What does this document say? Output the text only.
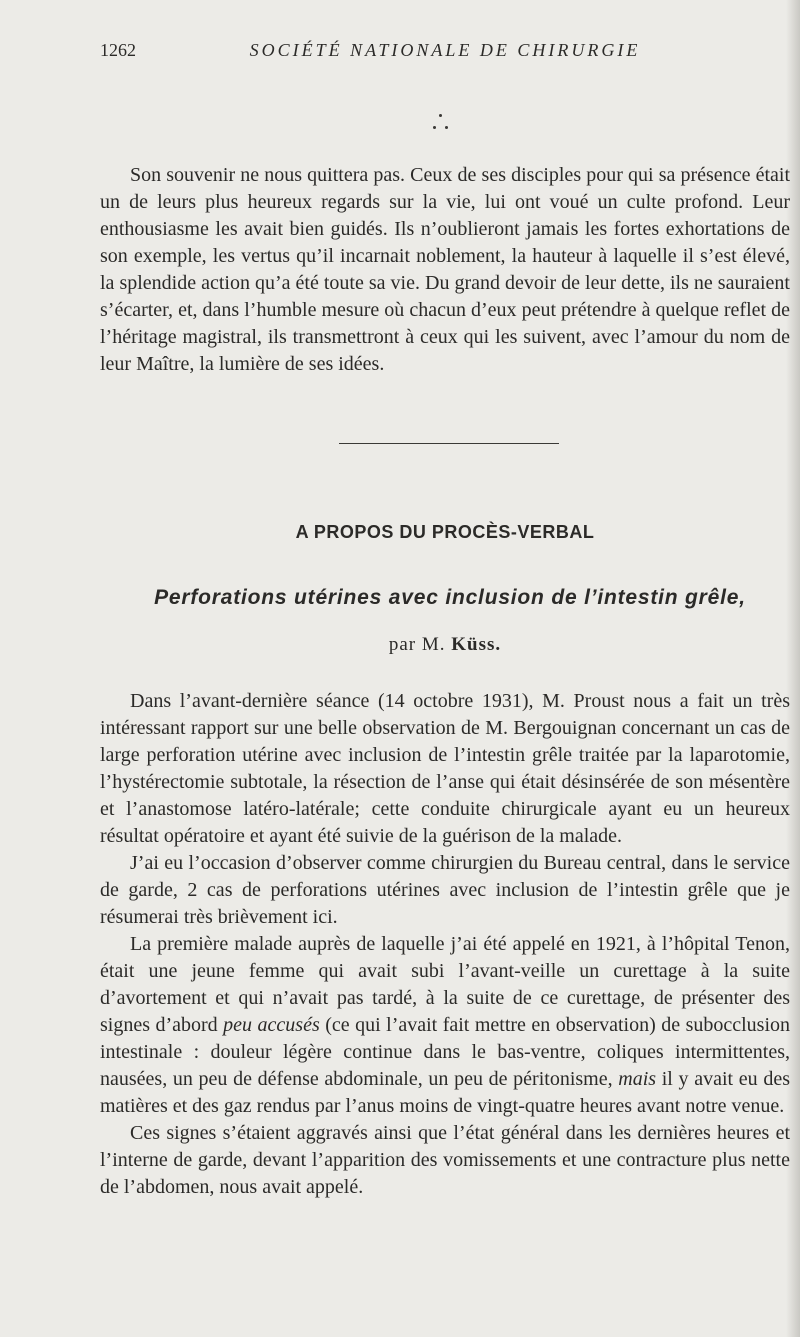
1262	SOCIÉTÉ NATIONALE DE CHIRURGIE

Son souvenir ne nous quittera pas. Ceux de ses disciples pour qui sa présence était un de leurs plus heureux regards sur la vie, lui ont voué un culte profond. Leur enthousiasme les avait bien guidés. Ils n’oublieront jamais les fortes exhortations de son exemple, les vertus qu’il incarnait noblement, la hauteur à laquelle il s’est élevé, la splendide action qu’a été toute sa vie. Du grand devoir de leur dette, ils ne sauraient s’écarter, et, dans l’humble mesure où chacun d’eux peut prétendre à quelque reflet de l’héritage magistral, ils transmettront à ceux qui les suivent, avec l’amour du nom de leur Maître, la lumière de ses idées.

A PROPOS DU PROCÈS-VERBAL
Perforations utérines avec inclusion de l’intestin grêle,
par M. Küss.

Dans l’avant-dernière séance (14 octobre 1931), M. Proust nous a fait un très intéressant rapport sur une belle observation de M. Bergouignan concernant un cas de large perforation utérine avec inclusion de l’intestin grêle traitée par la laparotomie, l’hystérectomie subtotale, la résection de l’anse qui était désinsérée de son mésentère et l’anastomose latéro-latérale; cette conduite chirurgicale ayant eu un heureux résultat opératoire et ayant été suivie de la guérison de la malade.

J’ai eu l’occasion d’observer comme chirurgien du Bureau central, dans le service de garde, 2 cas de perforations utérines avec inclusion de l’intestin grêle que je résumerai très brièvement ici.

La première malade auprès de laquelle j’ai été appelé en 1921, à l’hôpital Tenon, était une jeune femme qui avait subi l’avant-veille un curettage à la suite d’avortement et qui n’avait pas tardé, à la suite de ce curettage, de présenter des signes d’abord peu accusés (ce qui l’avait fait mettre en observation) de subocclusion intestinale : douleur légère continue dans le bas-ventre, coliques intermittentes, nausées, un peu de défense abdominale, un peu de péritonisme, mais il y avait eu des matières et des gaz rendus par l’anus moins de vingt-quatre heures avant notre venue.

Ces signes s’étaient aggravés ainsi que l’état général dans les dernières heures et l’interne de garde, devant l’apparition des vomissements et une contracture plus nette de l’abdomen, nous avait appelé.
